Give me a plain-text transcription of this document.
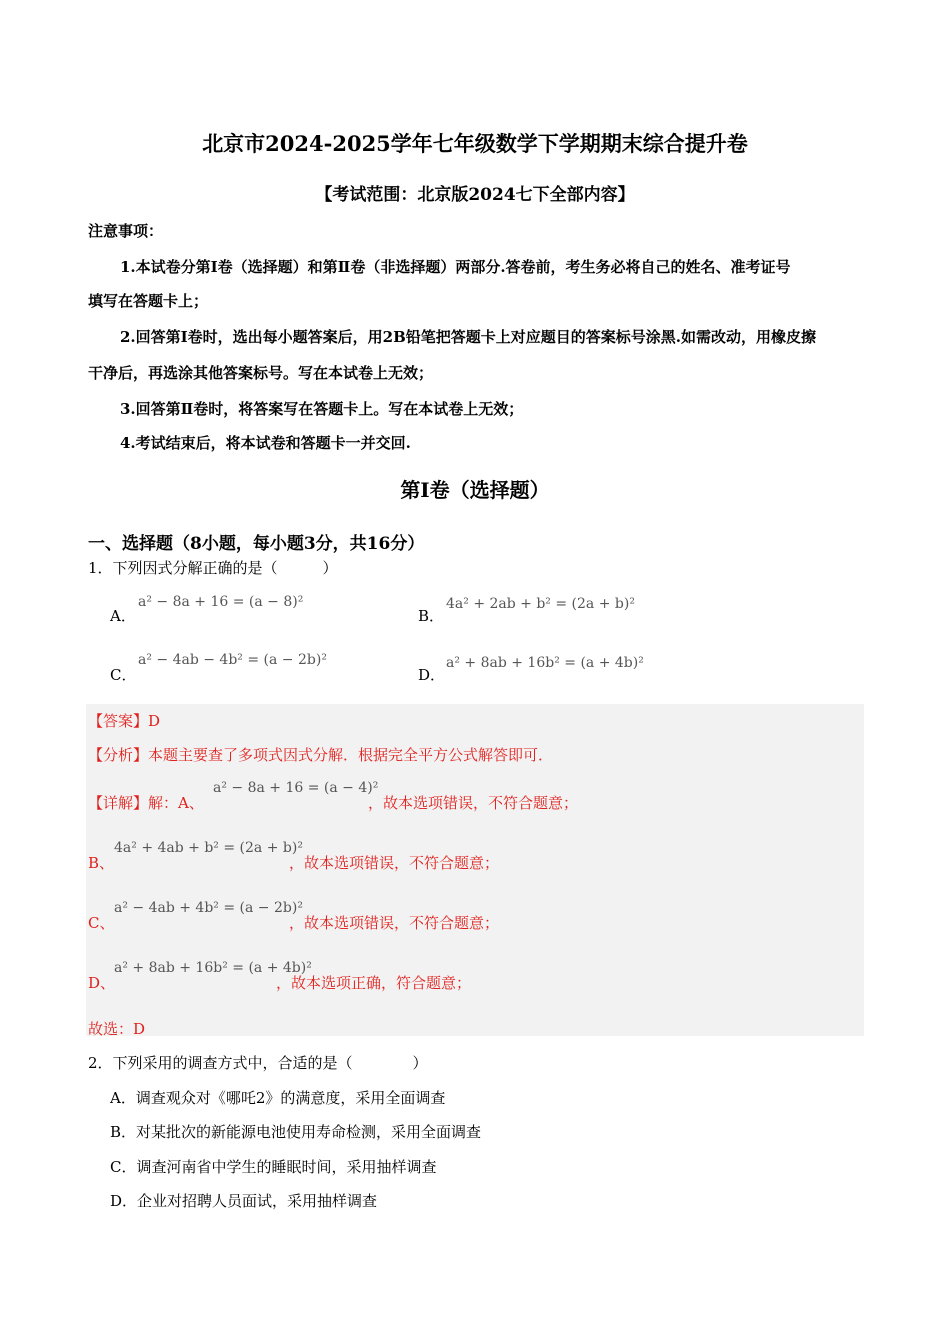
北京市2024-2025学年七年级数学下学期期末综合提升卷
【考试范围：北京版2024七下全部内容】
注意事项：
1.本试卷分第Ⅰ卷（选择题）和第Ⅱ卷（非选择题）两部分.答卷前，考生务必将自己的姓名、准考证号
填写在答题卡上；
2.回答第Ⅰ卷时，选出每小题答案后，用2B铅笔把答题卡上对应题目的答案标号涂黑.如需改动，用橡皮擦
干净后，再选涂其他答案标号。写在本试卷上无效；
3.回答第Ⅱ卷时，将答案写在答题卡上。写在本试卷上无效；
4.考试结束后，将本试卷和答题卡一并交回.
第I卷（选择题）
一、选择题（8小题，每小题3分，共16分）
1．下列因式分解正确的是（　　　）
A．
a² − 8a + 16 = (a − 8)²
B．
4a² + 2ab + b² = (2a + b)²
C．
a² − 4ab − 4b² = (a − 2b)²
D．
a² + 8ab + 16b² = (a + 4b)²
【答案】D
【分析】本题主要查了多项式因式分解．根据完全平方公式解答即可．
【详解】解：A、
a² − 8a + 16 = (a − 4)²
，故本选项错误，不符合题意；
B、
4a² + 4ab + b² = (2a + b)²
，故本选项错误，不符合题意；
C、
a² − 4ab + 4b² = (a − 2b)²
，故本选项错误，不符合题意；
D、
a² + 8ab + 16b² = (a + 4b)²
，故本选项正确，符合题意；
故选：D
2．下列采用的调查方式中，合适的是（　　　　）
A．调查观众对《哪吒2》的满意度，采用全面调查
B．对某批次的新能源电池使用寿命检测，采用全面调查
C．调查河南省中学生的睡眠时间，采用抽样调查
D．企业对招聘人员面试，采用抽样调查
